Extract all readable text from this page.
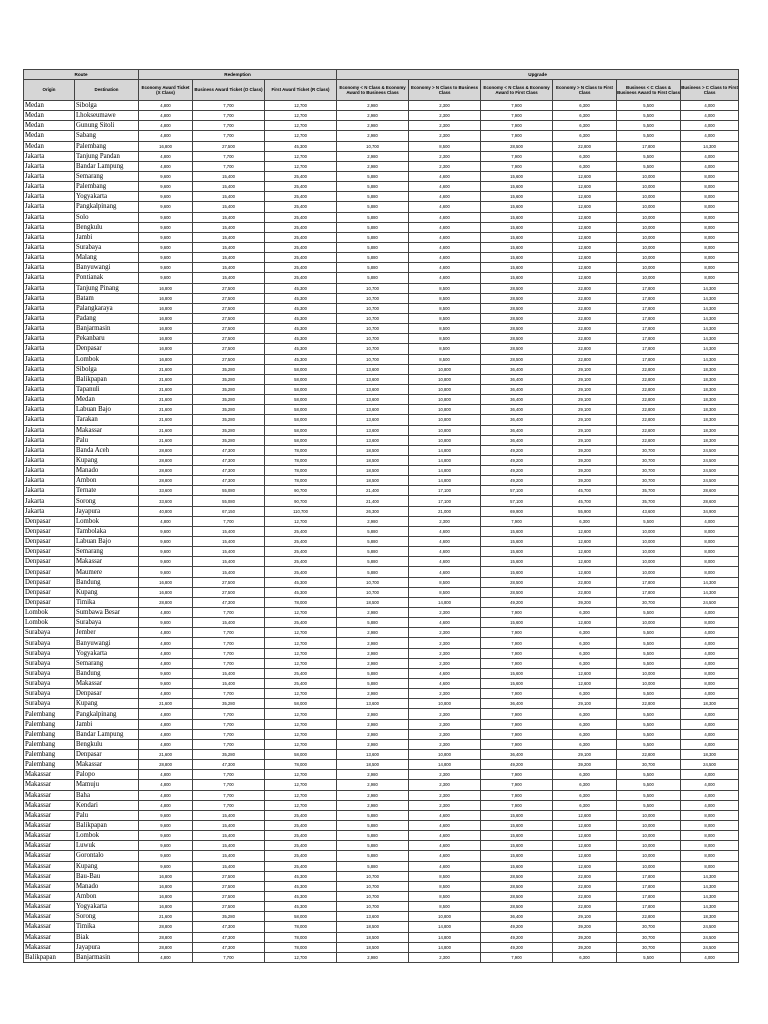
Route		Redemption			Upgrade					
Origin	Destination	Economy Award Ticket (X Class)	Business Award Ticket (O Class)	First Award Ticket (R Class)	Economy < N Class & Economy Award to Business Class	Economy > N Class to Business Class	Economy < N Class & Economy Award to First Class	Economy > N Class to First Class	Business < C Class & Business Award to First Class	Business > C Class to First Class
Medan	Sibolga	4,800	7,700	12,700	2,980	2,300	7,900	6,300	5,500	4,000
Medan	Lhokseumawe	4,800	7,700	12,700	2,980	2,300	7,900	6,300	5,500	4,000
Medan	Gunung Sitoli	4,800	7,700	12,700	2,980	2,300	7,900	6,300	5,500	4,000
Medan	Sabang	4,800	7,700	12,700	2,980	2,300	7,900	6,300	5,500	4,000
Medan	Palembang	16,800	27,500	45,300	10,700	8,500	28,500	22,800	17,800	14,300
Jakarta	Tanjung Pandan	4,800	7,700	12,700	2,980	2,300	7,900	6,300	5,500	4,000
Jakarta	Bandar Lampung	4,800	7,700	12,700	2,980	2,300	7,900	6,300	5,500	4,000
Jakarta	Semarang	9,600	15,400	25,400	5,880	4,600	15,600	12,600	10,000	8,000
Jakarta	Palembang	9,600	15,400	25,400	5,880	4,600	15,600	12,600	10,000	8,000
Jakarta	Yogyakarta	9,600	15,400	25,400	5,880	4,600	15,600	12,600	10,000	8,000
Jakarta	Pangkalpinang	9,600	15,400	25,400	5,880	4,600	15,600	12,600	10,000	8,000
Jakarta	Solo	9,600	15,400	25,400	5,880	4,600	15,600	12,600	10,000	8,000
Jakarta	Bengkulu	9,600	15,400	25,400	5,880	4,600	15,600	12,600	10,000	8,000
Jakarta	Jambi	9,600	15,400	25,400	5,880	4,600	15,600	12,600	10,000	8,000
Jakarta	Surabaya	9,600	15,400	25,400	5,880	4,600	15,600	12,600	10,000	8,000
Jakarta	Malang	9,600	15,400	25,400	5,880	4,600	15,600	12,600	10,000	8,000
Jakarta	Banyuwangi	9,600	15,400	25,400	5,880	4,600	15,600	12,600	10,000	8,000
Jakarta	Pontianak	9,600	15,400	25,400	5,880	4,600	15,600	12,600	10,000	8,000
Jakarta	Tanjung Pinang	16,800	27,500	45,300	10,700	8,500	28,500	22,800	17,800	14,300
Jakarta	Batam	16,800	27,500	45,300	10,700	8,500	28,500	22,800	17,800	14,300
Jakarta	Palangkaraya	16,800	27,500	45,300	10,700	8,500	28,500	22,800	17,800	14,300
Jakarta	Padang	16,800	27,500	45,300	10,700	8,500	28,500	22,800	17,800	14,300
Jakarta	Banjarmasin	16,800	27,500	45,300	10,700	8,500	28,500	22,800	17,800	14,300
Jakarta	Pekanbaru	16,800	27,500	45,300	10,700	8,500	28,500	22,800	17,800	14,300
Jakarta	Denpasar	16,800	27,500	45,300	10,700	8,500	28,500	22,800	17,800	14,300
Jakarta	Lombok	16,800	27,500	45,300	10,700	8,500	28,500	22,800	17,800	14,300
Jakarta	Sibolga	21,600	35,280	58,000	13,600	10,800	36,400	29,100	22,800	18,300
Jakarta	Balikpapan	21,600	35,280	58,000	13,600	10,800	36,400	29,100	22,800	18,300
Jakarta	Tapanuli	21,600	35,280	58,000	13,600	10,800	36,400	29,100	22,800	18,300
Jakarta	Medan	21,600	35,280	58,000	13,600	10,800	36,400	29,100	22,800	18,300
Jakarta	Labuan Bajo	21,600	35,280	58,000	13,600	10,800	36,400	29,100	22,800	18,300
Jakarta	Tarakan	21,600	35,280	58,000	13,600	10,800	36,400	29,100	22,800	18,300
Jakarta	Makassar	21,600	35,280	58,000	13,600	10,800	36,400	29,100	22,800	18,300
Jakarta	Palu	21,600	35,280	58,000	13,600	10,800	36,400	29,100	22,800	18,300
Jakarta	Banda Aceh	28,800	47,300	78,000	18,500	14,800	49,200	39,200	30,700	24,500
Jakarta	Kupang	28,800	47,300	78,000	18,500	14,800	49,200	39,200	30,700	24,500
Jakarta	Manado	28,800	47,300	78,000	18,500	14,800	49,200	39,200	30,700	24,500
Jakarta	Ambon	28,800	47,300	78,000	18,500	14,800	49,200	39,200	30,700	24,500
Jakarta	Ternate	33,600	55,080	90,700	21,400	17,100	57,100	45,700	35,700	28,600
Jakarta	Sorong	33,600	55,080	90,700	21,400	17,100	57,100	45,700	35,700	28,600
Jakarta	Jayapura	40,800	67,150	110,700	26,300	21,000	69,900	55,900	43,600	34,900
Denpasar	Lombok	4,800	7,700	12,700	2,980	2,300	7,900	6,300	5,500	4,000
Denpasar	Tambolaka	9,600	15,400	25,400	5,880	4,600	15,600	12,600	10,000	8,000
Denpasar	Labuan Bajo	9,600	15,400	25,400	5,880	4,600	15,600	12,600	10,000	8,000
Denpasar	Semarang	9,600	15,400	25,400	5,880	4,600	15,600	12,600	10,000	8,000
Denpasar	Makassar	9,600	15,400	25,400	5,880	4,600	15,600	12,600	10,000	8,000
Denpasar	Maumere	9,600	15,400	25,400	5,880	4,600	15,600	12,600	10,000	8,000
Denpasar	Bandung	16,800	27,500	45,300	10,700	8,500	28,500	22,800	17,800	14,300
Denpasar	Kupang	16,800	27,500	45,300	10,700	8,500	28,500	22,800	17,800	14,300
Denpasar	Timika	28,800	47,300	78,000	18,500	14,800	49,200	39,200	30,700	24,500
Lombok	Sumbawa Besar	4,800	7,700	12,700	2,980	2,300	7,900	6,300	5,500	4,000
Lombok	Surabaya	9,600	15,400	25,400	5,880	4,600	15,600	12,600	10,000	8,000
Surabaya	Jember	4,800	7,700	12,700	2,980	2,300	7,900	6,300	5,500	4,000
Surabaya	Banyuwangi	4,800	7,700	12,700	2,980	2,300	7,900	6,300	5,500	4,000
Surabaya	Yogyakarta	4,800	7,700	12,700	2,980	2,300	7,900	6,300	5,500	4,000
Surabaya	Semarang	4,800	7,700	12,700	2,980	2,300	7,900	6,300	5,500	4,000
Surabaya	Bandung	9,600	15,400	25,400	5,880	4,600	15,600	12,600	10,000	8,000
Surabaya	Makassar	9,600	15,400	25,400	5,880	4,600	15,600	12,600	10,000	8,000
Surabaya	Denpasar	4,800	7,700	12,700	2,980	2,300	7,900	6,300	5,500	4,000
Surabaya	Kupang	21,600	35,280	58,000	13,600	10,800	36,400	29,100	22,800	18,300
Palembang	Pangkalpinang	4,800	7,700	12,700	2,980	2,300	7,900	6,300	5,500	4,000
Palembang	Jambi	4,800	7,700	12,700	2,980	2,300	7,900	6,300	5,500	4,000
Palembang	Bandar Lampung	4,800	7,700	12,700	2,980	2,300	7,900	6,300	5,500	4,000
Palembang	Bengkulu	4,800	7,700	12,700	2,980	2,300	7,900	6,300	5,500	4,000
Palembang	Denpasar	21,600	35,280	58,000	13,600	10,800	36,400	29,100	22,800	18,300
Palembang	Makassar	28,800	47,300	78,000	18,500	14,800	49,200	39,200	30,700	24,500
Makassar	Palopo	4,800	7,700	12,700	2,980	2,300	7,900	6,300	5,500	4,000
Makassar	Mamuju	4,800	7,700	12,700	2,980	2,300	7,900	6,300	5,500	4,000
Makassar	Baha	4,800	7,700	12,700	2,980	2,300	7,900	6,300	5,500	4,000
Makassar	Kendari	4,800	7,700	12,700	2,980	2,300	7,900	6,300	5,500	4,000
Makassar	Palu	9,600	15,400	25,400	5,880	4,600	15,600	12,600	10,000	8,000
Makassar	Balikpapan	9,600	15,400	25,400	5,880	4,600	15,600	12,600	10,000	8,000
Makassar	Lombok	9,600	15,400	25,400	5,880	4,600	15,600	12,600	10,000	8,000
Makassar	Luwuk	9,600	15,400	25,400	5,880	4,600	15,600	12,600	10,000	8,000
Makassar	Gorontalo	9,600	15,400	25,400	5,880	4,600	15,600	12,600	10,000	8,000
Makassar	Kupang	9,600	15,400	25,400	5,880	4,600	15,600	12,600	10,000	8,000
Makassar	Bau-Bau	16,800	27,500	45,300	10,700	8,500	28,500	22,800	17,800	14,300
Makassar	Manado	16,800	27,500	45,300	10,700	8,500	28,500	22,800	17,800	14,300
Makassar	Ambon	16,800	27,500	45,300	10,700	8,500	28,500	22,800	17,800	14,300
Makassar	Yogyakarta	16,800	27,500	45,300	10,700	8,500	28,500	22,800	17,800	14,300
Makassar	Sorong	21,600	35,280	58,000	13,600	10,800	36,400	29,100	22,800	18,300
Makassar	Timika	28,800	47,300	78,000	18,500	14,800	49,200	39,200	30,700	24,500
Makassar	Biak	28,800	47,300	78,000	18,500	14,800	49,200	39,200	30,700	24,500
Makassar	Jayapura	28,800	47,300	78,000	18,500	14,800	49,200	39,200	30,700	24,500
Balikpapan	Banjarmasin	4,800	7,700	12,700	2,980	2,300	7,900	6,300	5,500	4,000
